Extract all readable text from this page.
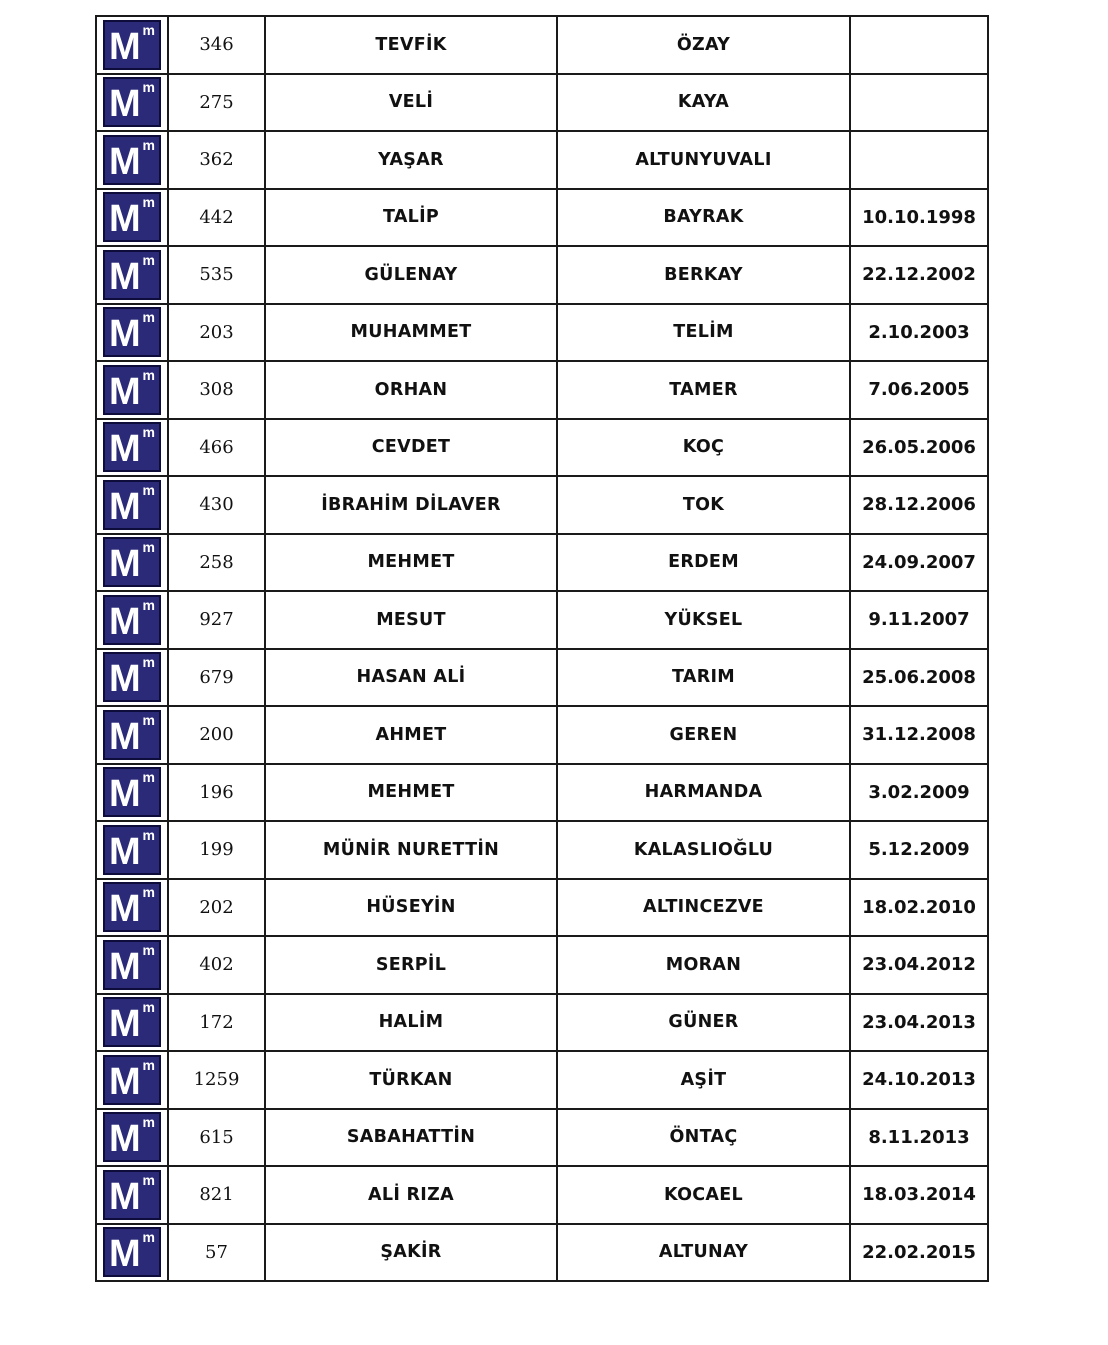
M m	346	TEVFİK	ÖZAY	

M m	275	VELİ	KAYA	

M m	362	YAŞAR	ALTUNYUVALI	

M m	442	TALİP	BAYRAK	10.10.1998

M m	535	GÜLENAY	BERKAY	22.12.2002

M m	203	MUHAMMET	TELİM	2.10.2003

M m	308	ORHAN	TAMER	7.06.2005

M m	466	CEVDET	KOÇ	26.05.2006

M m	430	İBRAHİM DİLAVER	TOK	28.12.2006

M m	258	MEHMET	ERDEM	24.09.2007

M m	927	MESUT	YÜKSEL	9.11.2007

M m	679	HASAN ALİ	TARIM	25.06.2008

M m	200	AHMET	GEREN	31.12.2008

M m	196	MEHMET	HARMANDA	3.02.2009

M m	199	MÜNİR NURETTİN	KALASLIOĞLU	5.12.2009

M m	202	HÜSEYİN	ALTINCEZVE	18.02.2010

M m	402	SERPİL	MORAN	23.04.2012

M m	172	HALİM	GÜNER	23.04.2013

M m	1259	TÜRKAN	AŞİT	24.10.2013

M m	615	SABAHATTİN	ÖNTAÇ	8.11.2013

M m	821	ALİ RIZA	KOCAEL	18.03.2014

M m	57	ŞAKİR	ALTUNAY	22.02.2015
